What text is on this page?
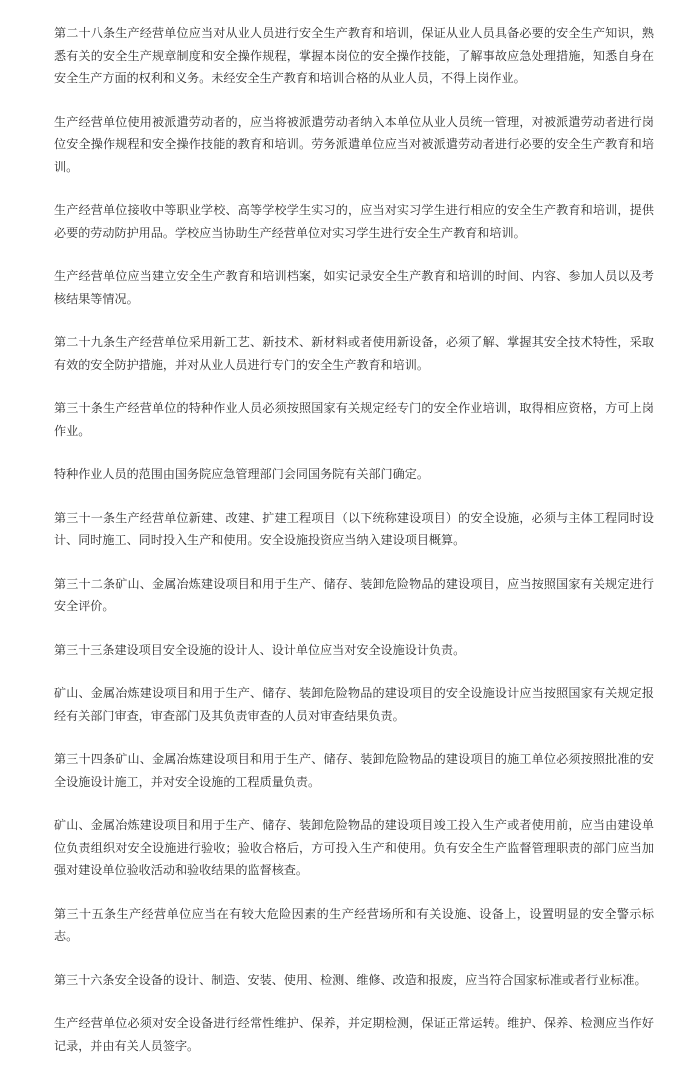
第二十八条生产经营单位应当对从业人员进行安全生产教育和培训，保证从业人员具备必要的安全生产知识，熟悉有关的安全生产规章制度和安全操作规程，掌握本岗位的安全操作技能，了解事故应急处理措施，知悉自身在安全生产方面的权利和义务。未经安全生产教育和培训合格的从业人员，不得上岗作业。

生产经营单位使用被派遣劳动者的，应当将被派遣劳动者纳入本单位从业人员统一管理，对被派遣劳动者进行岗位安全操作规程和安全操作技能的教育和培训。劳务派遣单位应当对被派遣劳动者进行必要的安全生产教育和培训。

生产经营单位接收中等职业学校、高等学校学生实习的，应当对实习学生进行相应的安全生产教育和培训，提供必要的劳动防护用品。学校应当协助生产经营单位对实习学生进行安全生产教育和培训。

生产经营单位应当建立安全生产教育和培训档案，如实记录安全生产教育和培训的时间、内容、参加人员以及考核结果等情况。

第二十九条生产经营单位采用新工艺、新技术、新材料或者使用新设备，必须了解、掌握其安全技术特性，采取有效的安全防护措施，并对从业人员进行专门的安全生产教育和培训。

第三十条生产经营单位的特种作业人员必须按照国家有关规定经专门的安全作业培训，取得相应资格，方可上岗作业。

特种作业人员的范围由国务院应急管理部门会同国务院有关部门确定。

第三十一条生产经营单位新建、改建、扩建工程项目（以下统称建设项目）的安全设施，必须与主体工程同时设计、同时施工、同时投入生产和使用。安全设施投资应当纳入建设项目概算。

第三十二条矿山、金属冶炼建设项目和用于生产、储存、装卸危险物品的建设项目，应当按照国家有关规定进行安全评价。

第三十三条建设项目安全设施的设计人、设计单位应当对安全设施设计负责。

矿山、金属冶炼建设项目和用于生产、储存、装卸危险物品的建设项目的安全设施设计应当按照国家有关规定报经有关部门审查，审查部门及其负责审查的人员对审查结果负责。

第三十四条矿山、金属冶炼建设项目和用于生产、储存、装卸危险物品的建设项目的施工单位必须按照批准的安全设施设计施工，并对安全设施的工程质量负责。

矿山、金属冶炼建设项目和用于生产、储存、装卸危险物品的建设项目竣工投入生产或者使用前，应当由建设单位负责组织对安全设施进行验收；验收合格后，方可投入生产和使用。负有安全生产监督管理职责的部门应当加强对建设单位验收活动和验收结果的监督核查。

第三十五条生产经营单位应当在有较大危险因素的生产经营场所和有关设施、设备上，设置明显的安全警示标志。

第三十六条安全设备的设计、制造、安装、使用、检测、维修、改造和报废，应当符合国家标准或者行业标准。

生产经营单位必须对安全设备进行经常性维护、保养，并定期检测，保证正常运转。维护、保养、检测应当作好记录，并由有关人员签字。
